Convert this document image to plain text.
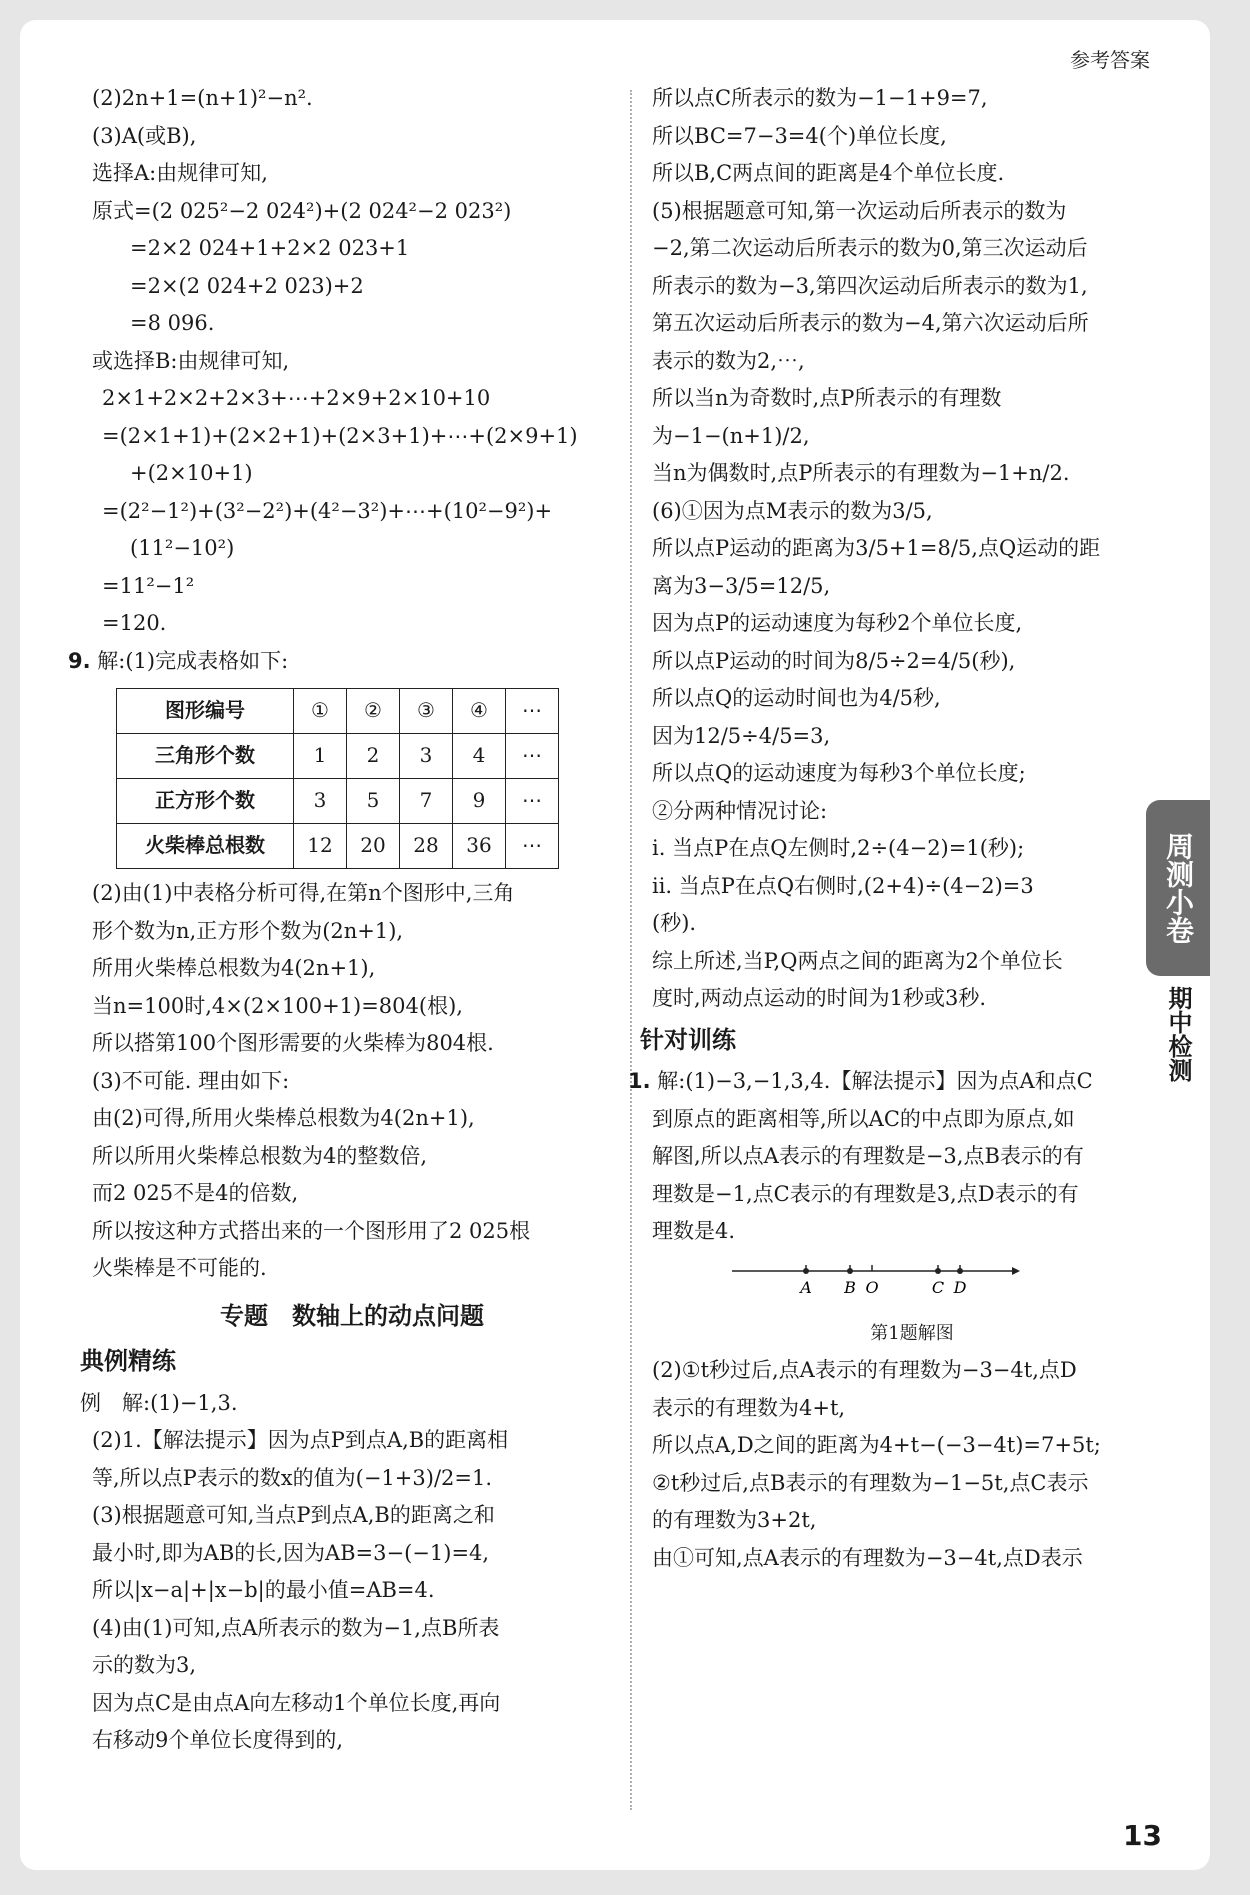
参考答案
(2)2n+1=(n+1)²−n².
(3)A(或B),
选择A:由规律可知,
原式=(2 025²−2 024²)+(2 024²−2 023²)
=2×2 024+1+2×2 023+1
=2×(2 024+2 023)+2
=8 096.
或选择B:由规律可知,
2×1+2×2+2×3+⋯+2×9+2×10+10
=(2×1+1)+(2×2+1)+(2×3+1)+⋯+(2×9+1)
+(2×10+1)
=(2²−1²)+(3²−2²)+(4²−3²)+⋯+(10²−9²)+
(11²−10²)
=11²−1²
=120.
9. 解:(1)完成表格如下:
图形编号	①	②	③	④	⋯
三角形个数	1	2	3	4	⋯
正方形个数	3	5	7	9	⋯
火柴棒总根数	12	20	28	36	⋯
(2)由(1)中表格分析可得,在第n个图形中,三角
形个数为n,正方形个数为(2n+1),
所用火柴棒总根数为4(2n+1),
当n=100时,4×(2×100+1)=804(根),
所以搭第100个图形需要的火柴棒为804根.
(3)不可能. 理由如下:
由(2)可得,所用火柴棒总根数为4(2n+1),
所以所用火柴棒总根数为4的整数倍,
而2 025不是4的倍数,
所以按这种方式搭出来的一个图形用了2 025根
火柴棒是不可能的.
专题　数轴上的动点问题
典例精练
例　解:(1)−1,3.
(2)1.【解法提示】因为点P到点A,B的距离相
等,所以点P表示的数x的值为(−1+3)/2=1.
(3)根据题意可知,当点P到点A,B的距离之和
最小时,即为AB的长,因为AB=3−(−1)=4,
所以|x−a|+|x−b|的最小值=AB=4.
(4)由(1)可知,点A所表示的数为−1,点B所表
示的数为3,
因为点C是由点A向左移动1个单位长度,再向
右移动9个单位长度得到的,
所以点C所表示的数为−1−1+9=7,
所以BC=7−3=4(个)单位长度,
所以B,C两点间的距离是4个单位长度.
(5)根据题意可知,第一次运动后所表示的数为
−2,第二次运动后所表示的数为0,第三次运动后
所表示的数为−3,第四次运动后所表示的数为1,
第五次运动后所表示的数为−4,第六次运动后所
表示的数为2,⋯,
所以当n为奇数时,点P所表示的有理数
为−1−(n+1)/2,
当n为偶数时,点P所表示的有理数为−1+n/2.
(6)①因为点M表示的数为3/5,
所以点P运动的距离为3/5+1=8/5,点Q运动的距
离为3−3/5=12/5,
因为点P的运动速度为每秒2个单位长度,
所以点P运动的时间为8/5÷2=4/5(秒),
所以点Q的运动时间也为4/5秒,
因为12/5÷4/5=3,
所以点Q的运动速度为每秒3个单位长度;
②分两种情况讨论:
ⅰ. 当点P在点Q左侧时,2÷(4−2)=1(秒);
ⅱ. 当点P在点Q右侧时,(2+4)÷(4−2)=3
(秒).
综上所述,当P,Q两点之间的距离为2个单位长
度时,两动点运动的时间为1秒或3秒.
针对训练
1. 解:(1)−3,−1,3,4.【解法提示】因为点A和点C
到原点的距离相等,所以AC的中点即为原点,如
解图,所以点A表示的有理数是−3,点B表示的有
理数是−1,点C表示的有理数是3,点D表示的有
理数是4.
A B O	C D
第1题解图
(2)①t秒过后,点A表示的有理数为−3−4t,点D
表示的有理数为4+t,
所以点A,D之间的距离为4+t−(−3−4t)=7+5t;
②t秒过后,点B表示的有理数为−1−5t,点C表示
的有理数为3+2t,
由①可知,点A表示的有理数为−3−4t,点D表示
周测小卷
期中检测
13
